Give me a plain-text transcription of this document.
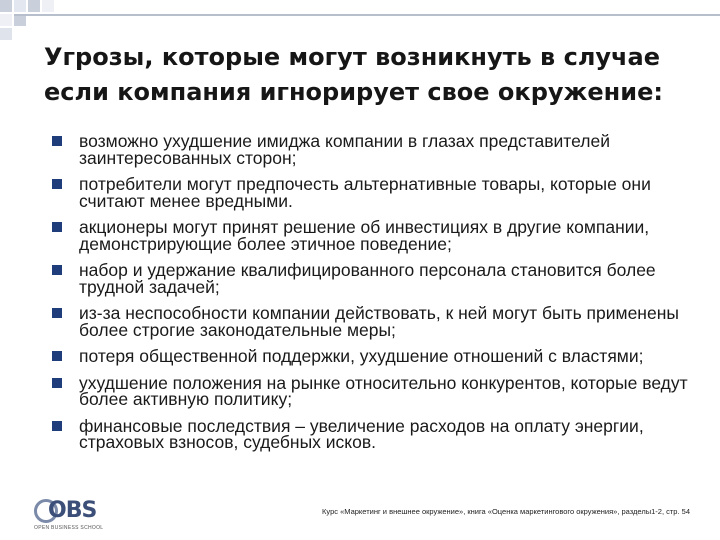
Угрозы, которые могут возникнуть в случае если компания игнорирует свое окружение:
возможно ухудшение имиджа компании в глазах представителей заинтересованных сторон;
потребители могут предпочесть альтернативные товары, которые они считают менее вредными.
акционеры могут принят решение об инвестициях в другие компании, демонстрирующие более этичное поведение;
набор и удержание квалифицированного персонала становится более трудной задачей;
из-за неспособности компании действовать, к ней могут быть применены более строгие законодательные меры;
потеря общественной поддержки, ухудшение отношений с властями;
ухудшение положения на рынке относительно конкурентов, которые ведут более активную политику;
финансовые последствия – увеличение расходов на оплату энергии, страховых взносов, судебных исков.
OBS
OPEN BUSINESS SCHOOL
Курс «Маркетинг и внешнее окружение», книга «Оценка маркетингового окружения», разделы1-2, стр. 54
